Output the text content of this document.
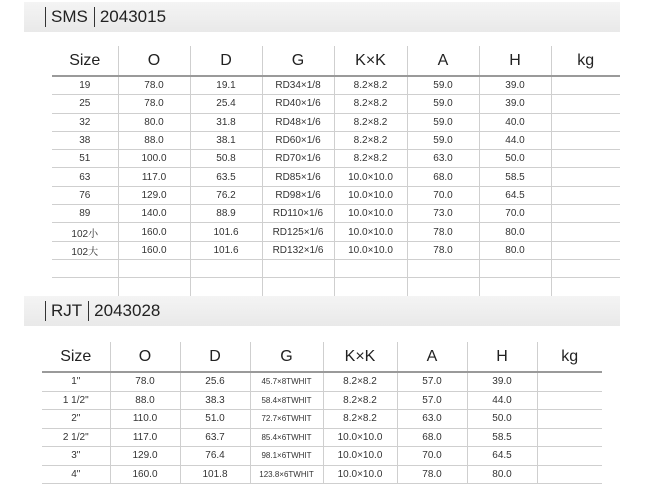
SMS 2043015
Size	O	D	G	K×K	A	H	kg
19	78.0	19.1	RD34×1/8	8.2×8.2	59.0	39.0	
25	78.0	25.4	RD40×1/6	8.2×8.2	59.0	39.0	
32	80.0	31.8	RD48×1/6	8.2×8.2	59.0	40.0	
38	88.0	38.1	RD60×1/6	8.2×8.2	59.0	44.0	
51	100.0	50.8	RD70×1/6	8.2×8.2	63.0	50.0	
63	117.0	63.5	RD85×1/6	10.0×10.0	68.0	58.5	
76	129.0	76.2	RD98×1/6	10.0×10.0	70.0	64.5	
89	140.0	88.9	RD110×1/6	10.0×10.0	73.0	70.0	
102小	160.0	101.6	RD125×1/6	10.0×10.0	78.0	80.0	
102大	160.0	101.6	RD132×1/6	10.0×10.0	78.0	80.0	

RJT 2043028
Size	O	D	G	K×K	A	H	kg
1"	78.0	25.6	45.7×8TWHIT	8.2×8.2	57.0	39.0	
1 1/2"	88.0	38.3	58.4×8TWHIT	8.2×8.2	57.0	44.0	
2"	110.0	51.0	72.7×6TWHIT	8.2×8.2	63.0	50.0	
2 1/2"	117.0	63.7	85.4×6TWHIT	10.0×10.0	68.0	58.5	
3"	129.0	76.4	98.1×6TWHIT	10.0×10.0	70.0	64.5	
4"	160.0	101.8	123.8×6TWHIT	10.0×10.0	78.0	80.0	
